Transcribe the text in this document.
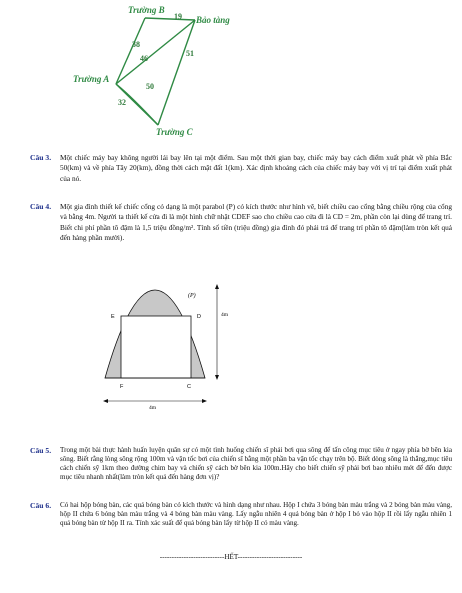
Trường B
Bảo tàng
Trường A
Trường C
19
38
46
51
50
32
Câu 3. Một chiếc máy bay không người lái bay lên tại một điểm. Sau một thời gian bay, chiếc máy bay cách điểm xuất phát về phía Bắc 50(km) và về phía Tây 20(km), đồng thời cách mặt đất 1(km). Xác định khoảng cách của chiếc máy bay với vị trí tại điểm xuất phát của nó.
Câu 4. Một gia đình thiết kế chiếc cổng có dạng là một parabol (P) có kích thước như hình vẽ, biết chiều cao cổng bằng chiều rộng của cổng và bằng 4m. Người ta thiết kế cửa đi là một hình chữ nhật CDEF sao cho chiều cao cửa đi là CD = 2m, phần còn lại dùng để trang trí. Biết chi phí phần tô đậm là 1,5 triệu đồng/m². Tính số tiền (triệu đồng) gia đình đó phải trả để trang trí phần tô đậm(làm tròn kết quả đến hàng phần mười).
(P)
E	D
F	C
4m
4m
Câu 5. Trong một bài thực hành huấn luyện quân sự có một tình huống chiến sĩ phải bơi qua sông để tấn công mục tiêu ở ngay phía bờ bên kia sông. Biết rằng lòng sông rộng 100m và vận tốc bơi của chiến sĩ bằng một phần ba vận tốc chạy trên bộ. Biết dòng sông là thẳng,mục tiêu cách chiến sỹ 1km theo đường chim bay và chiến sỹ cách bờ bên kia 100m.Hãy cho biết chiến sỹ phải bơi bao nhiêu mét để đến được mục tiêu nhanh nhất(làm tròn kết quả đến hàng đơn vị)?
Câu 6. Có hai hộp bóng bàn, các quả bóng bàn có kích thước và hình dạng như nhau. Hộp I chứa 3 bóng bàn màu trắng và 2 bóng bàn màu vàng, hộp II chứa 6 bóng bàn màu trắng và 4 bóng bàn màu vàng. Lấy ngẫu nhiên 4 quả bóng bàn ở hộp I bỏ vào hộp II rồi lấy ngẫu nhiên 1 quả bóng bàn từ hộp II ra. Tính xác suất để quả bóng bàn lấy từ hộp II có màu vàng.
---------------------------HẾT---------------------------
